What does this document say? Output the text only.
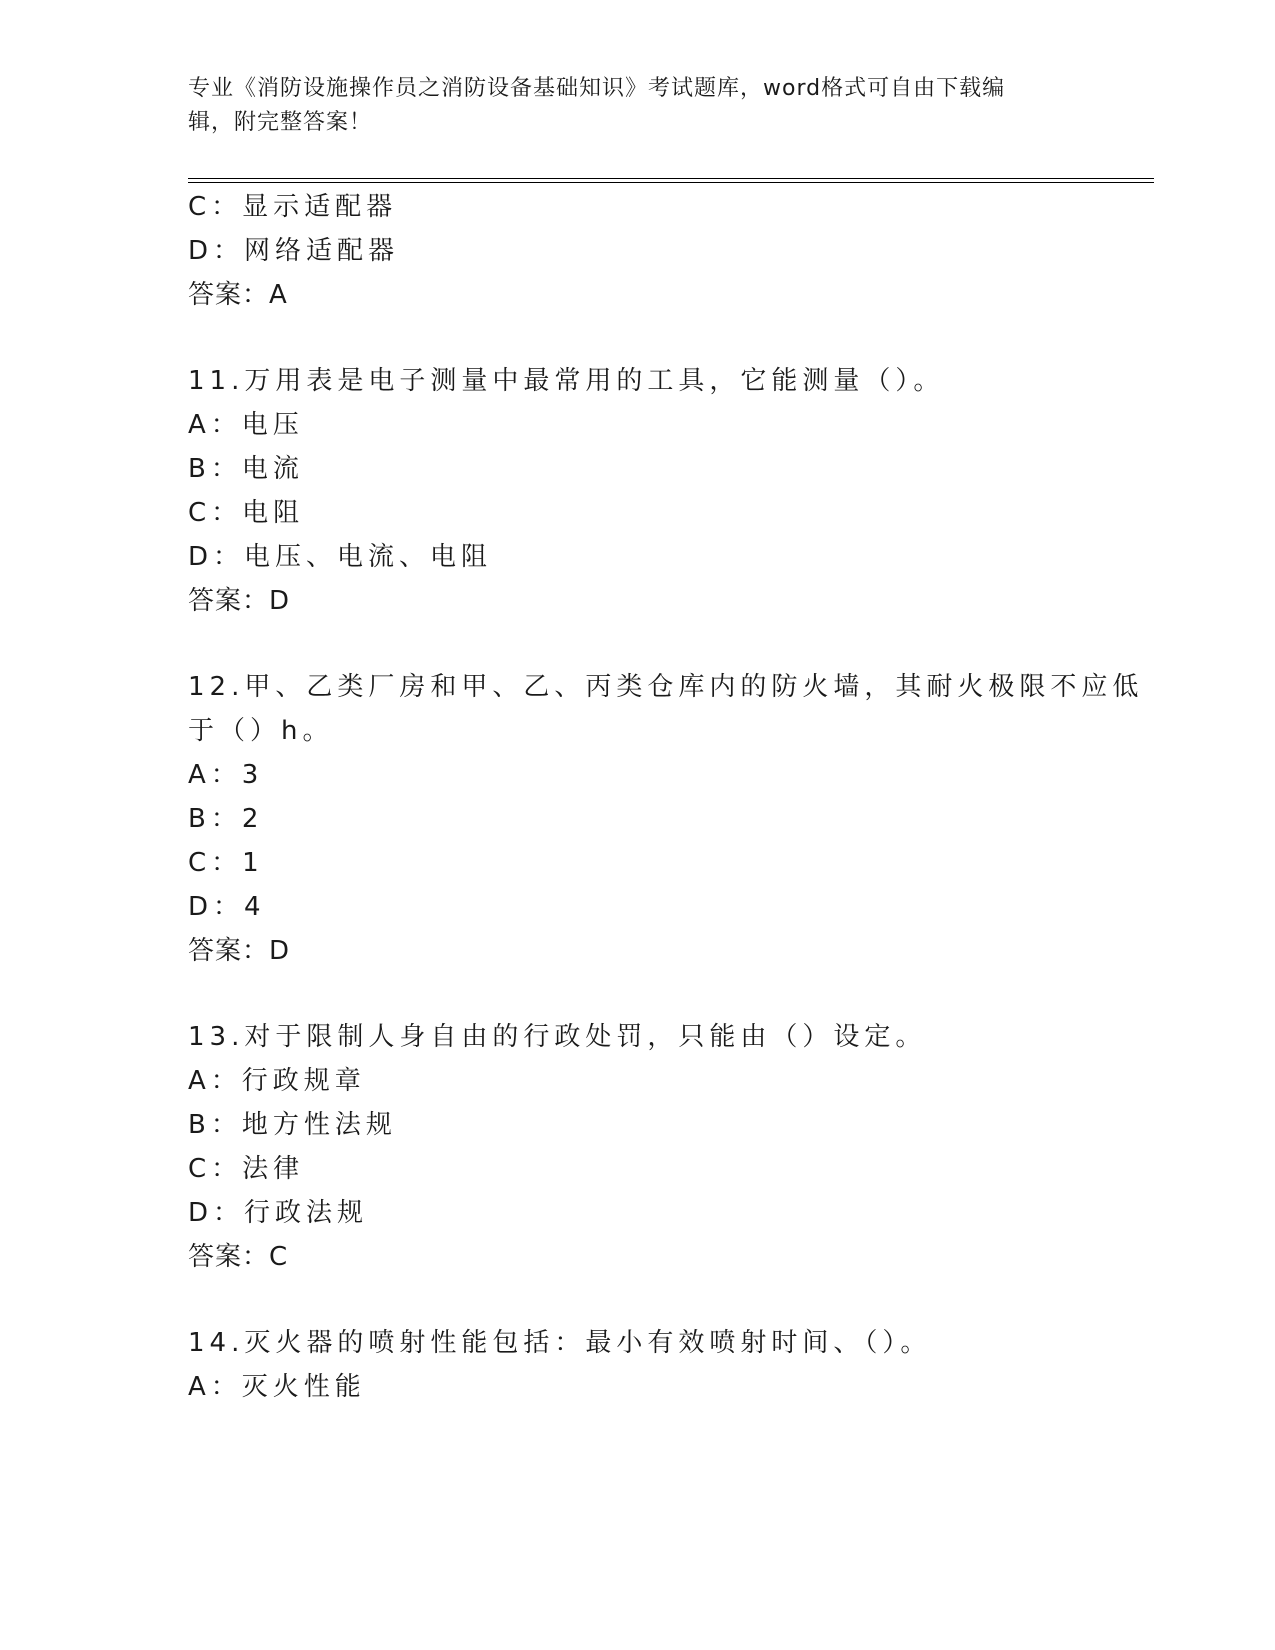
专业《消防设施操作员之消防设备基础知识》考试题库，word格式可自由下载编
辑，附完整答案！
C：显示适配器
D：网络适配器
答案：A
11.万用表是电子测量中最常用的工具，它能测量（）。
A：电压
B：电流
C：电阻
D：电压、电流、电阻
答案：D
12.甲、乙类厂房和甲、乙、丙类仓库内的防火墙，其耐火极限不应低
于（）h。
A：3
B：2
C：1
D：4
答案：D
13.对于限制人身自由的行政处罚，只能由（）设定。
A：行政规章
B：地方性法规
C：法律
D：行政法规
答案：C
14.灭火器的喷射性能包括：最小有效喷射时间、（）。
A：灭火性能
